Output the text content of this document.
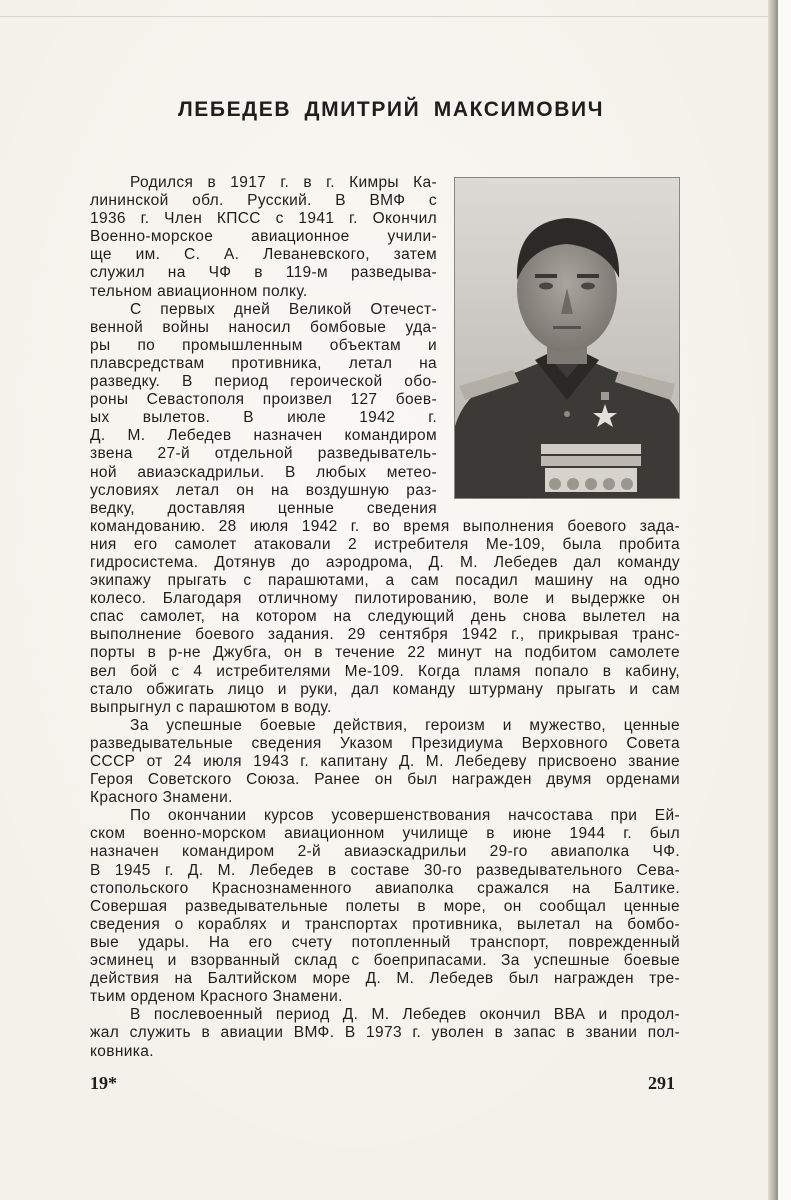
ЛЕБЕДЕВ ДМИТРИЙ МАКСИМОВИЧ
Родился в 1917 г. в г. Кимры Ка-
лининской обл. Русский. В ВМФ с
1936 г. Член КПСС с 1941 г. Окончил
Военно-морское авиационное учили-
ще им. С. А. Леваневского, затем
служил на ЧФ в 119-м разведыва-
тельном авиационном полку.
С первых дней Великой Отечест-
венной войны наносил бомбовые уда-
ры по промышленным объектам и
плавсредствам противника, летал на
разведку. В период героической обо-
роны Севастополя произвел 127 боев-
ых вылетов. В июле 1942 г.
Д. М. Лебедев назначен командиром
звена 27-й отдельной разведыватель-
ной авиаэскадрильи. В любых метео-
условиях летал он на воздушную раз-
ведку, доставляя ценные сведения
командованию. 28 июля 1942 г. во время выполнения боевого зада-
ния его самолет атаковали 2 истребителя Ме-109, была пробита
гидросистема. Дотянув до аэродрома, Д. М. Лебедев дал команду
экипажу прыгать с парашютами, а сам посадил машину на одно
колесо. Благодаря отличному пилотированию, воле и выдержке он
спас самолет, на котором на следующий день снова вылетел на
выполнение боевого задания. 29 сентября 1942 г., прикрывая транс-
порты в р-не Джубга, он в течение 22 минут на подбитом самолете
вел бой с 4 истребителями Ме-109. Когда пламя попало в кабину,
стало обжигать лицо и руки, дал команду штурману прыгать и сам
выпрыгнул с парашютом в воду.
За успешные боевые действия, героизм и мужество, ценные
разведывательные сведения Указом Президиума Верховного Совета
СССР от 24 июля 1943 г. капитану Д. М. Лебедеву присвоено звание
Героя Советского Союза. Ранее он был награжден двумя орденами
Красного Знамени.
По окончании курсов усовершенствования начсостава при Ей-
ском военно-морском авиационном училище в июне 1944 г. был
назначен командиром 2-й авиаэскадрильи 29-го авиаполка ЧФ.
В 1945 г. Д. М. Лебедев в составе 30-го разведывательного Сева-
стопольского Краснознаменного авиаполка сражался на Балтике.
Совершая разведывательные полеты в море, он сообщал ценные
сведения о кораблях и транспортах противника, вылетал на бомбо-
вые удары. На его счету потопленный транспорт, поврежденный
эсминец и взорванный склад с боеприпасами. За успешные боевые
действия на Балтийском море Д. М. Лебедев был награжден тре-
тьим орденом Красного Знамени.
В послевоенный период Д. М. Лебедев окончил ВВА и продол-
жал служить в авиации ВМФ. В 1973 г. уволен в запас в звании пол-
ковника.
19*	291
